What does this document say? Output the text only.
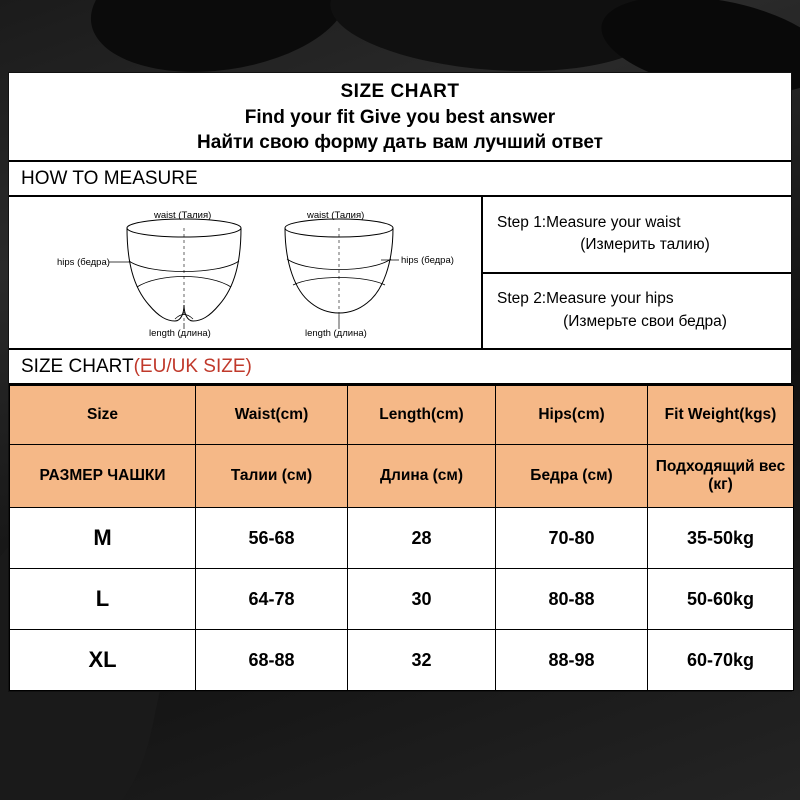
SIZE CHART
Find your fit Give you best answer
Найти свою форму дать вам лучший ответ
HOW TO MEASURE
waist (Талия)
hips (бедра)
length (длина)
waist (Талия)
hips (бедра)
length (длина)
Step 1:Measure your waist
(Измерить талию)
Step 2:Measure your hips
(Измерьте свои бедра)
SIZE CHART(EU/UK SIZE)
Size	Waist(cm)	Length(cm)	Hips(cm)	Fit Weight(kgs)
РАЗМЕР ЧАШКИ	Талии (см)	Длина (см)	Бедра (см)	Подходящий вес (кг)
M	56-68	28	70-80	35-50kg
L	64-78	30	80-88	50-60kg
XL	68-88	32	88-98	60-70kg
